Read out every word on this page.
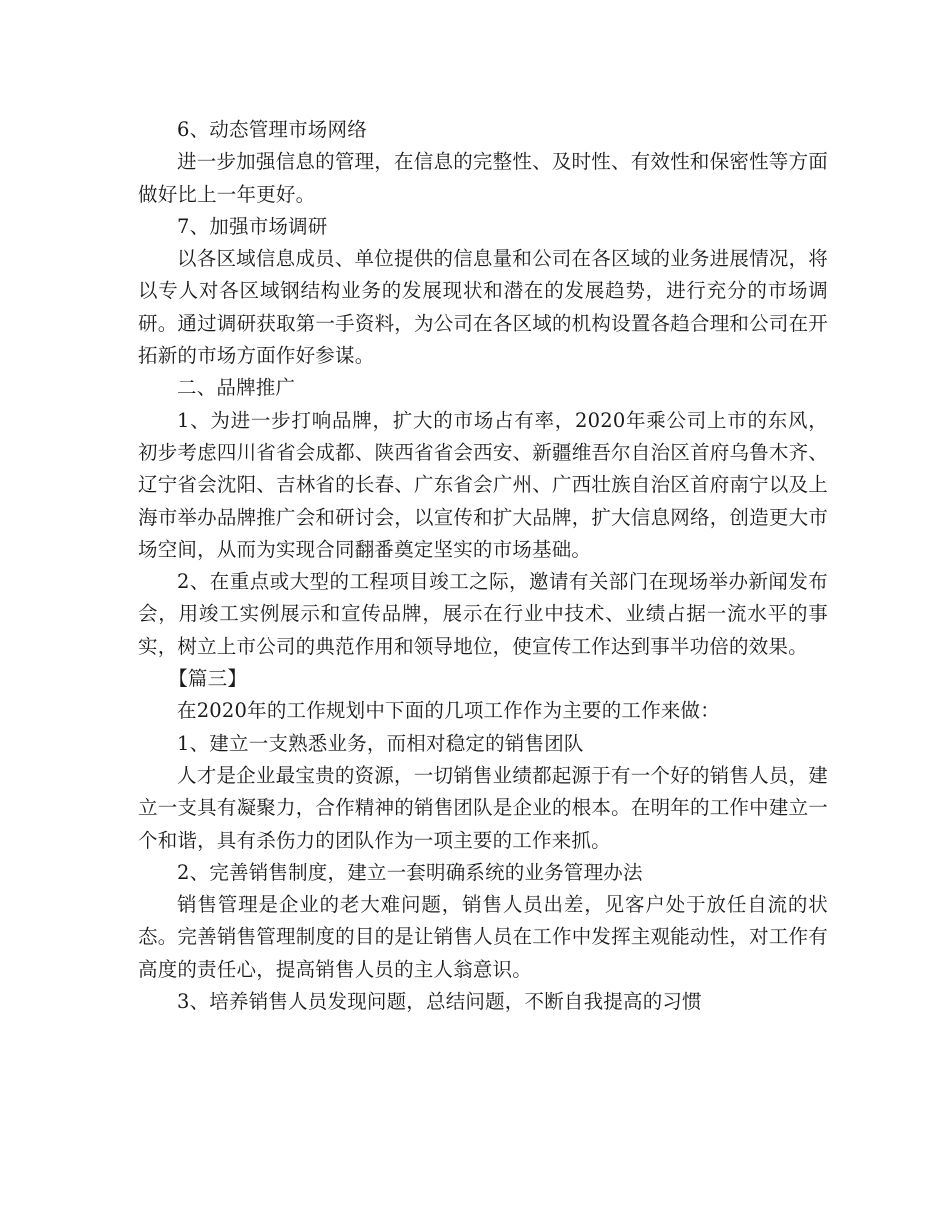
6、动态管理市场网络

进一步加强信息的管理，在信息的完整性、及时性、有效性和保密性等方面做好比上一年更好。

7、加强市场调研

以各区域信息成员、单位提供的信息量和公司在各区域的业务进展情况，将以专人对各区域钢结构业务的发展现状和潜在的发展趋势，进行充分的市场调研。通过调研获取第一手资料，为公司在各区域的机构设置各趋合理和公司在开拓新的市场方面作好参谋。

二、品牌推广

1、为进一步打响品牌，扩大的市场占有率，2020年乘公司上市的东风，初步考虑四川省省会成都、陕西省省会西安、新疆维吾尔自治区首府乌鲁木齐、辽宁省会沈阳、吉林省的长春、广东省会广州、广西壮族自治区首府南宁以及上海市举办品牌推广会和研讨会，以宣传和扩大品牌，扩大信息网络，创造更大市场空间，从而为实现合同翻番奠定坚实的市场基础。

2、在重点或大型的工程项目竣工之际，邀请有关部门在现场举办新闻发布会，用竣工实例展示和宣传品牌，展示在行业中技术、业绩占据一流水平的事实，树立上市公司的典范作用和领导地位，使宣传工作达到事半功倍的效果。

【篇三】

在2020年的工作规划中下面的几项工作作为主要的工作来做：

1、建立一支熟悉业务，而相对稳定的销售团队

人才是企业最宝贵的资源，一切销售业绩都起源于有一个好的销售人员，建立一支具有凝聚力，合作精神的销售团队是企业的根本。在明年的工作中建立一个和谐，具有杀伤力的团队作为一项主要的工作来抓。

2、完善销售制度，建立一套明确系统的业务管理办法

销售管理是企业的老大难问题，销售人员出差，见客户处于放任自流的状态。完善销售管理制度的目的是让销售人员在工作中发挥主观能动性，对工作有高度的责任心，提高销售人员的主人翁意识。

3、培养销售人员发现问题，总结问题，不断自我提高的习惯
